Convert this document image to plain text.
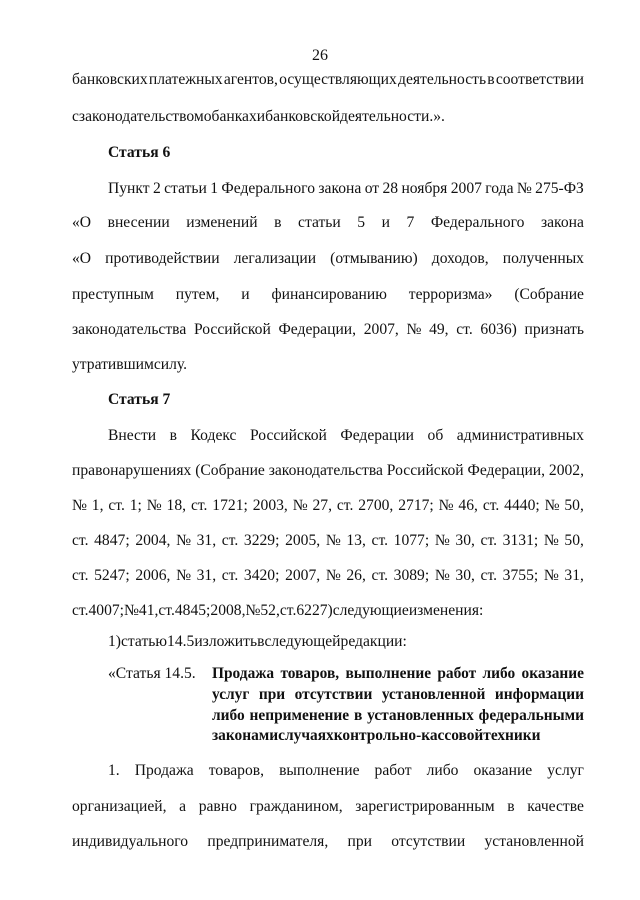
26
банковских платежных агентов, осуществляющих деятельность в соответствии
с законодательством о банках и банковской деятельности.».
Статья 6
Пункт 2 статьи 1 Федерального закона от 28 ноября 2007 года № 275-ФЗ
«О внесении изменений в статьи 5 и 7 Федерального закона
«О противодействии легализации (отмыванию) доходов, полученных
преступным путем, и финансированию терроризма» (Собрание
законодательства Российской Федерации, 2007, № 49, ст. 6036) признать
утратившим силу.
Статья 7
Внести в Кодекс Российской Федерации об административных
правонарушениях (Собрание законодательства Российской Федерации, 2002,
№ 1, ст. 1; № 18, ст. 1721; 2003, № 27, ст. 2700, 2717; № 46, ст. 4440; № 50,
ст. 4847; 2004, № 31, ст. 3229; 2005, № 13, ст. 1077; № 30, ст. 3131; № 50,
ст. 5247; 2006, № 31, ст. 3420; 2007, № 26, ст. 3089; № 30, ст. 3755; № 31,
ст. 4007; № 41, ст. 4845; 2008, № 52, ст. 6227) следующие изменения:
1) статью 14.5 изложить в следующей редакции:
«Статья 14.5. Продажа товаров, выполнение работ либо оказание
услуг при отсутствии установленной информации
либо неприменение в установленных федеральными
законами случаях контрольно-кассовой техники
1. Продажа товаров, выполнение работ либо оказание услуг
организацией, а равно гражданином, зарегистрированным в качестве
индивидуального предпринимателя, при отсутствии установленной
